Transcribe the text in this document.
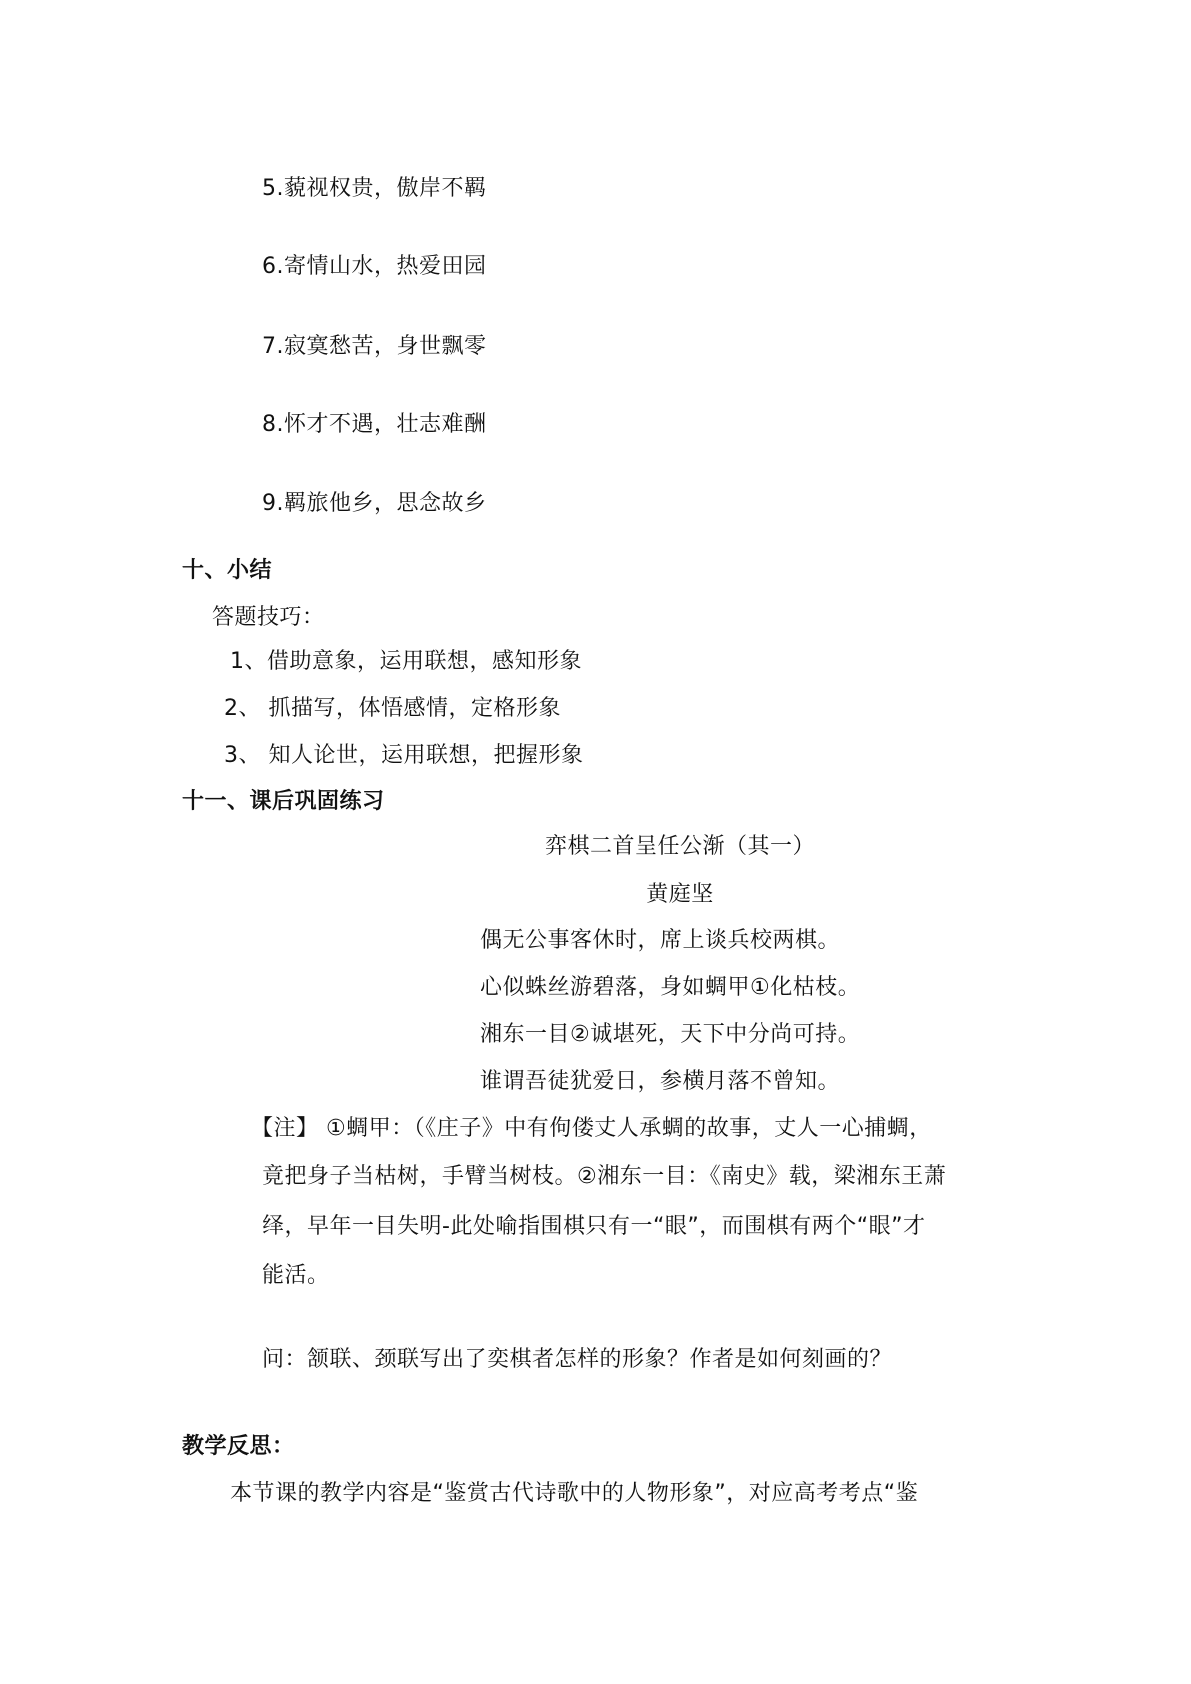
5.藐视权贵，傲岸不羁
6.寄情山水，热爱田园
7.寂寞愁苦，身世飘零
8.怀才不遇，壮志难酬
9.羁旅他乡，思念故乡
十、小结
答题技巧：
1、借助意象，运用联想，感知形象
2、 抓描写，体悟感情，定格形象
3、 知人论世，运用联想，把握形象
十一、课后巩固练习
弈棋二首呈任公渐（其一）
黄庭坚
偶无公事客休时，席上谈兵校两棋。
心似蛛丝游碧落，身如蜩甲①化枯枝。
湘东一目②诚堪死，天下中分尚可持。
谁谓吾徒犹爱日，参横月落不曾知。
【注】 ①蜩甲：（《庄子》中有佝偻丈人承蜩的故事，丈人一心捕蜩，
竟把身子当枯树，手臂当树枝。②湘东一目：《南史》载，梁湘东王萧
绎，早年一目失明-此处喻指围棋只有一“眼”，而围棋有两个“眼”才
能活。
问：颔联、颈联写出了奕棋者怎样的形象？作者是如何刻画的？
教学反思：
本节课的教学内容是“鉴赏古代诗歌中的人物形象”，对应高考考点“鉴
